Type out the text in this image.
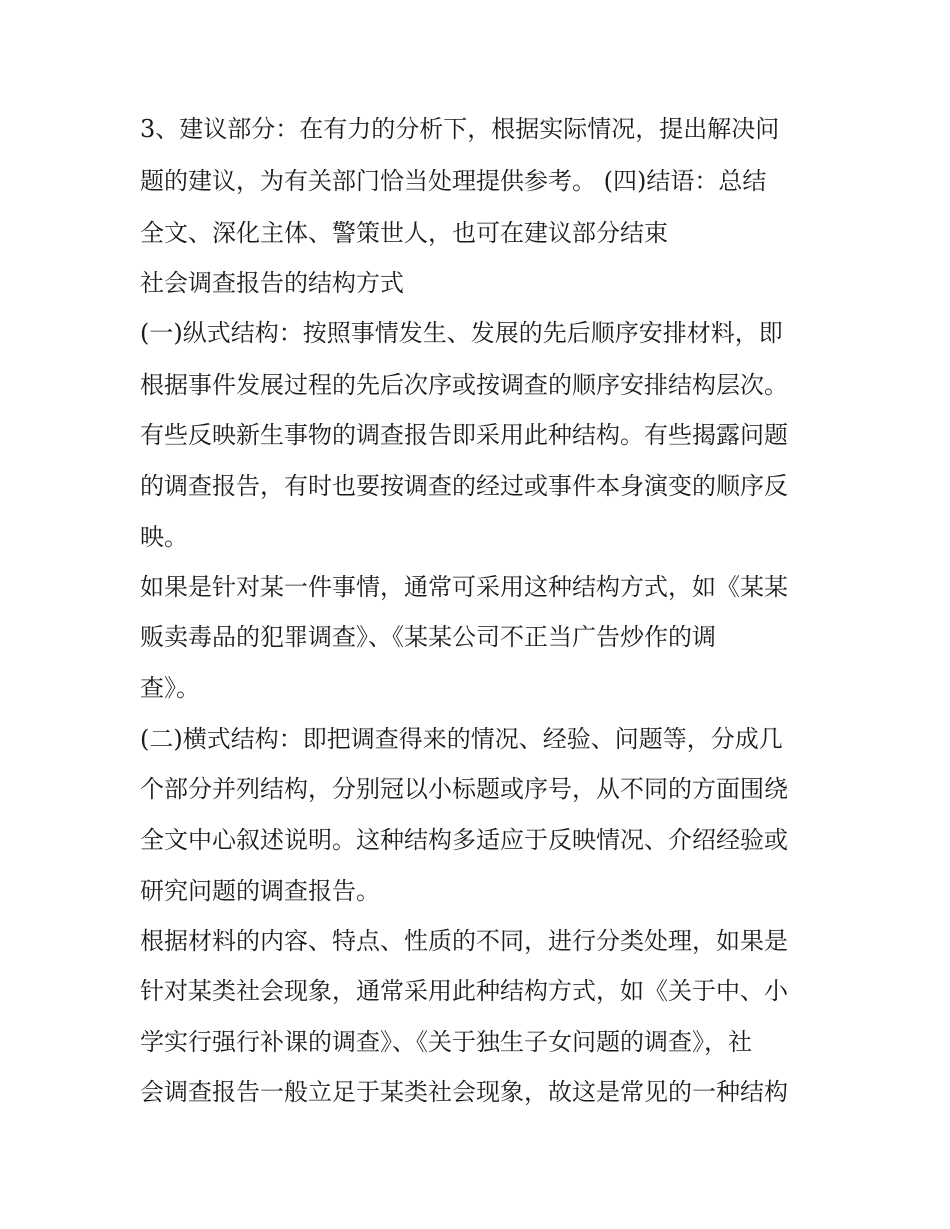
3、建议部分：在有力的分析下，根据实际情况，提出解决问
题的建议，为有关部门恰当处理提供参考。 (四)结语：总结
全文、深化主体、警策世人，也可在建议部分结束
社会调查报告的结构方式
(一)纵式结构：按照事情发生、发展的先后顺序安排材料，即
根据事件发展过程的先后次序或按调查的顺序安排结构层次。
有些反映新生事物的调查报告即采用此种结构。有些揭露问题
的调查报告，有时也要按调查的经过或事件本身演变的顺序反
映。
如果是针对某一件事情，通常可采用这种结构方式，如《某某
贩卖毒品的犯罪调查》、《某某公司不正当广告炒作的调
查》。
(二)横式结构：即把调查得来的情况、经验、问题等，分成几
个部分并列结构，分别冠以小标题或序号，从不同的方面围绕
全文中心叙述说明。这种结构多适应于反映情况、介绍经验或
研究问题的调查报告。
根据材料的内容、特点、性质的不同，进行分类处理，如果是
针对某类社会现象，通常采用此种结构方式，如《关于中、小
学实行强行补课的调查》、《关于独生子女问题的调查》，社
会调查报告一般立足于某类社会现象，故这是常见的一种结构
